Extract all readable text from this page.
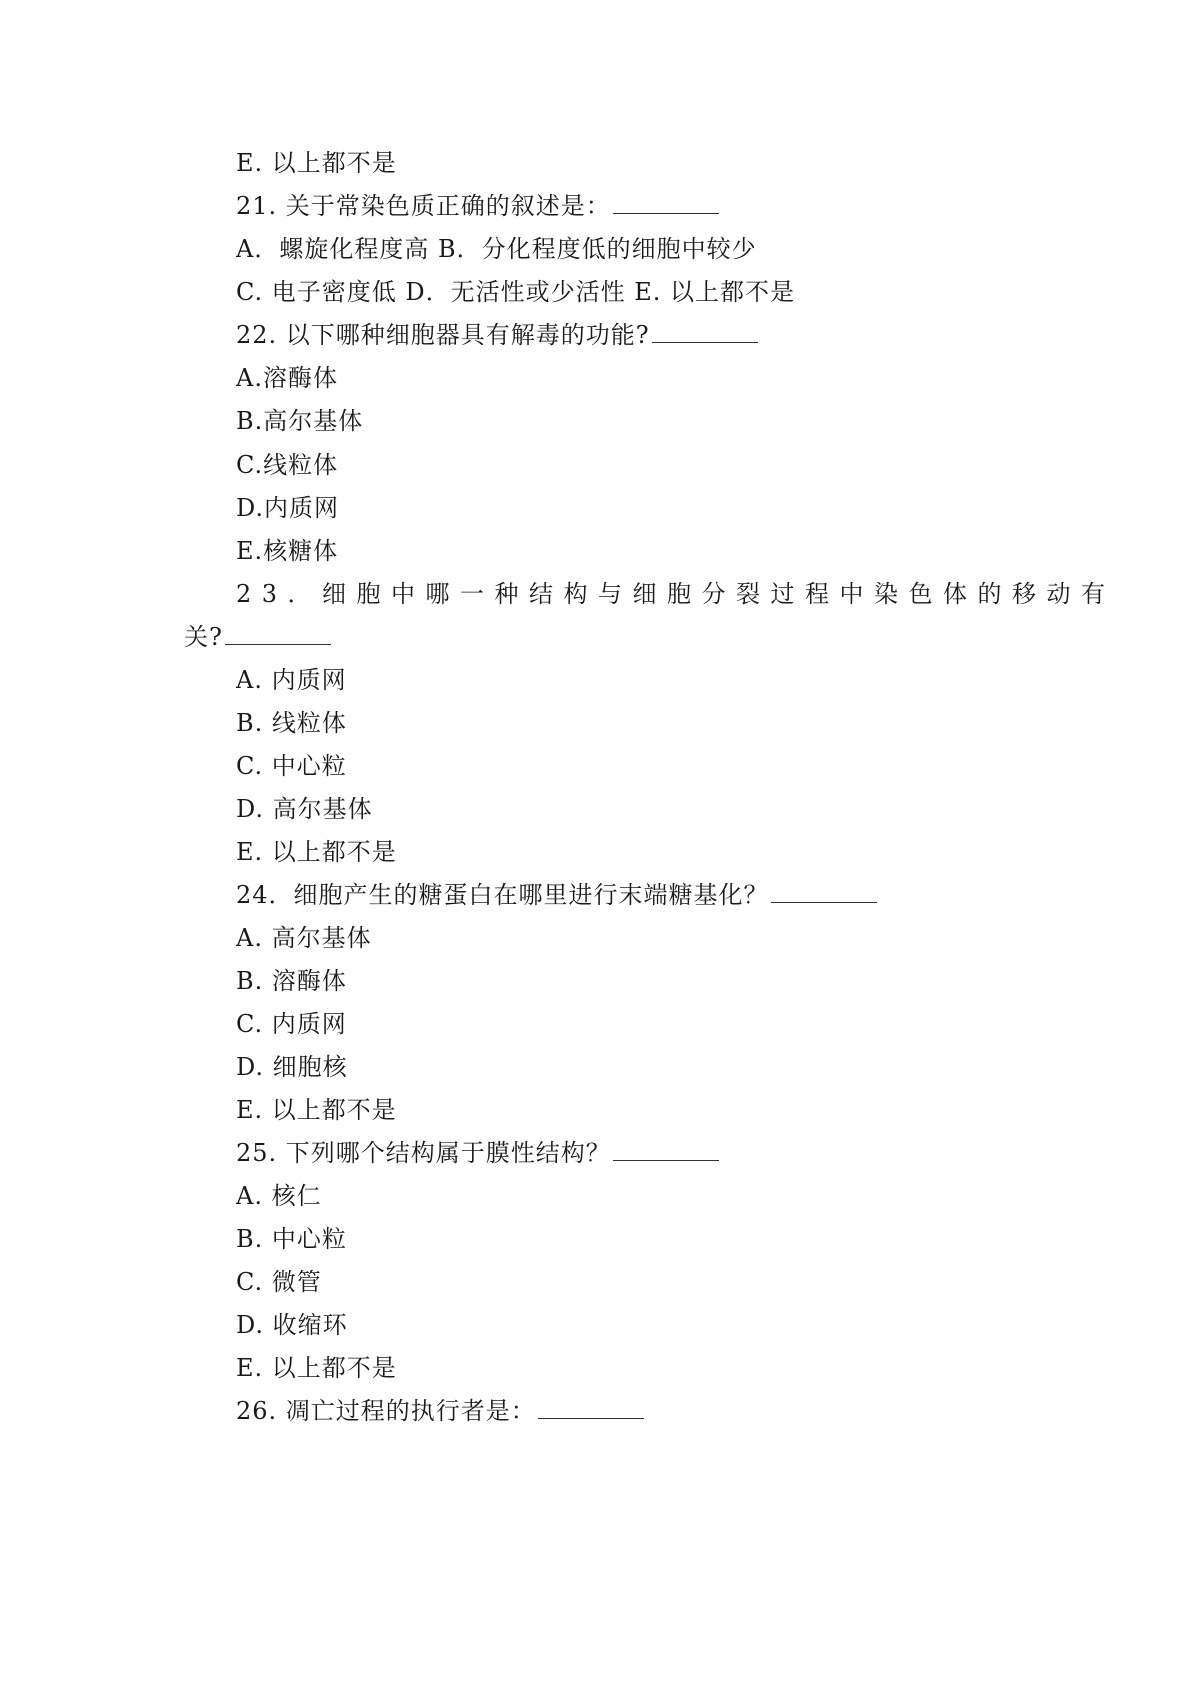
E. 以上都不是
21. 关于常染色质正确的叙述是：
A．螺旋化程度高 B．分化程度低的细胞中较少
C. 电子密度低 D．无活性或少活性 E. 以上都不是
22. 以下哪种细胞器具有解毒的功能?
A.溶酶体
B.高尔基体
C.线粒体
D.内质网
E.核糖体
23．细胞中哪一种结构与细胞分裂过程中染色体的移动有
关?
A. 内质网
B. 线粒体
C. 中心粒
D. 高尔基体
E. 以上都不是
24．细胞产生的糖蛋白在哪里进行末端糖基化？
A. 高尔基体
B. 溶酶体
C. 内质网
D. 细胞核
E. 以上都不是
25. 下列哪个结构属于膜性结构？
A. 核仁
B. 中心粒
C. 微管
D. 收缩环
E. 以上都不是
26. 凋亡过程的执行者是：
